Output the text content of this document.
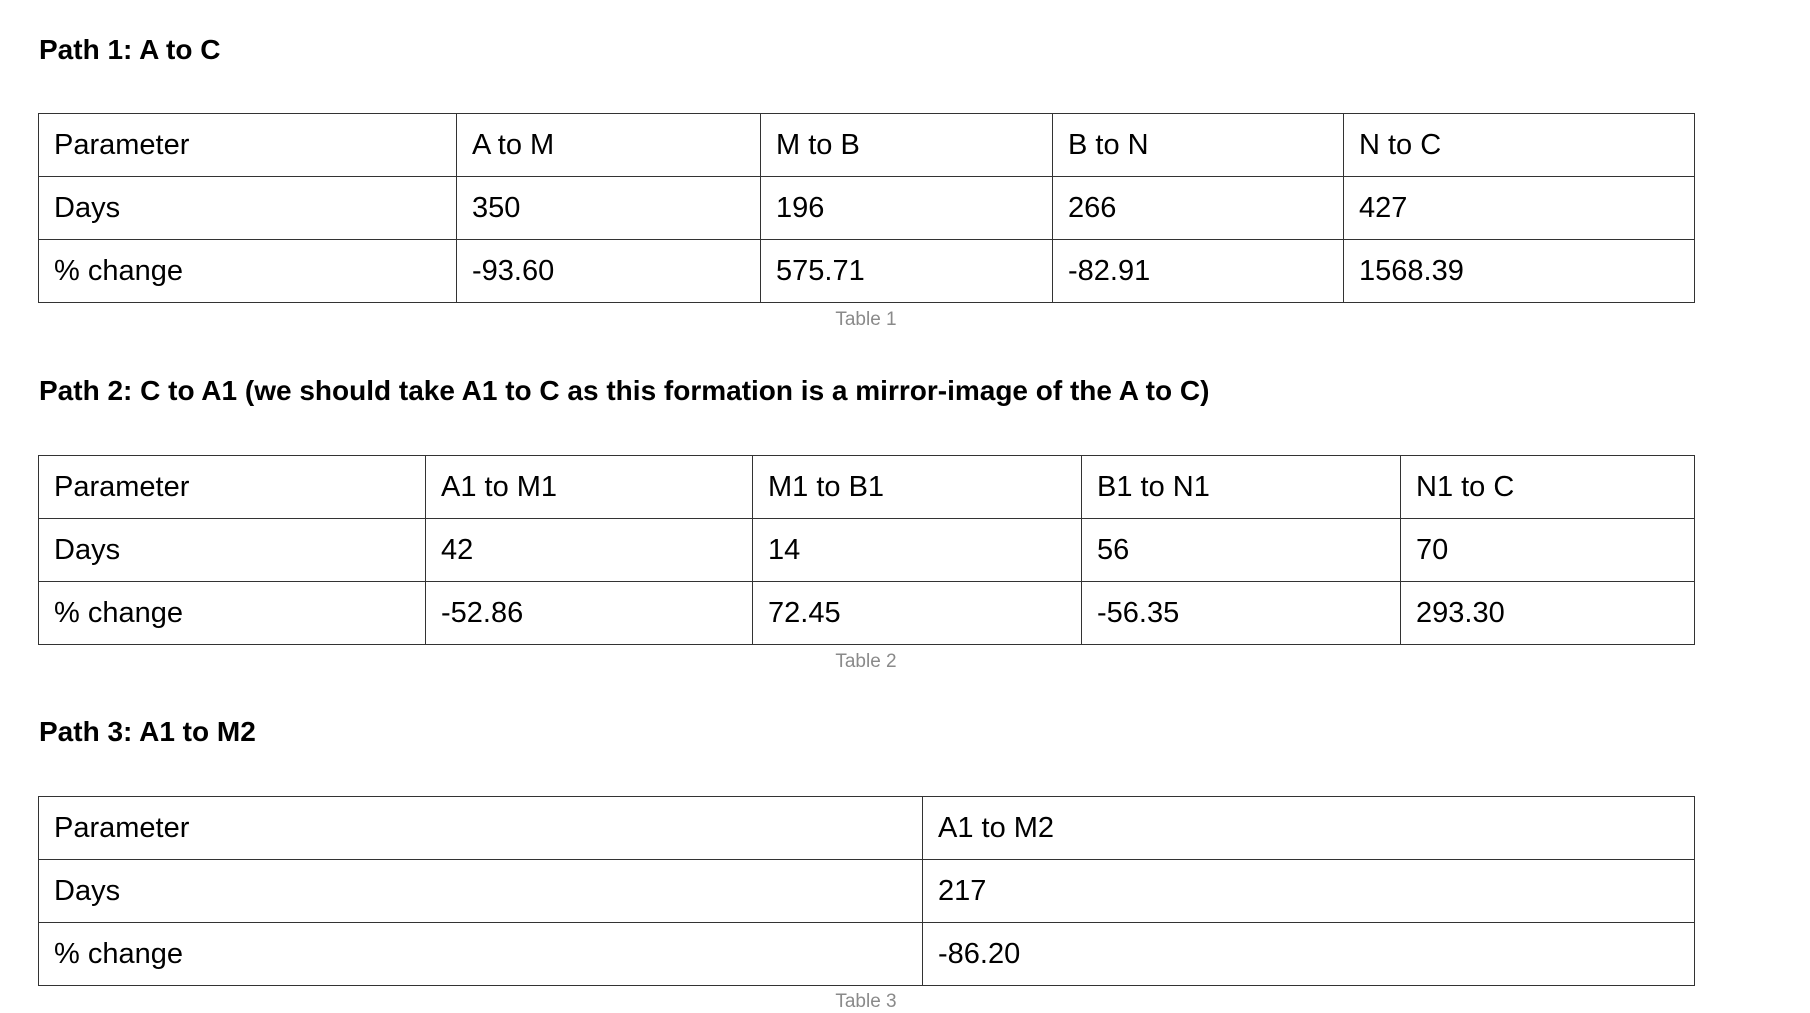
Path 1: A to C
Parameter	A to M	M to B	B to N	N to C
Days	350	196	266	427
% change	-93.60	575.71	-82.91	1568.39
Table 1
Path 2: C to A1 (we should take A1 to C as this formation is a mirror-image of the A to C)
Parameter	A1 to M1	M1 to B1	B1 to N1	N1 to C
Days	42	14	56	70
% change	-52.86	72.45	-56.35	293.30
Table 2
Path 3: A1 to M2
Parameter	A1 to M2
Days	217
% change	-86.20
Table 3
